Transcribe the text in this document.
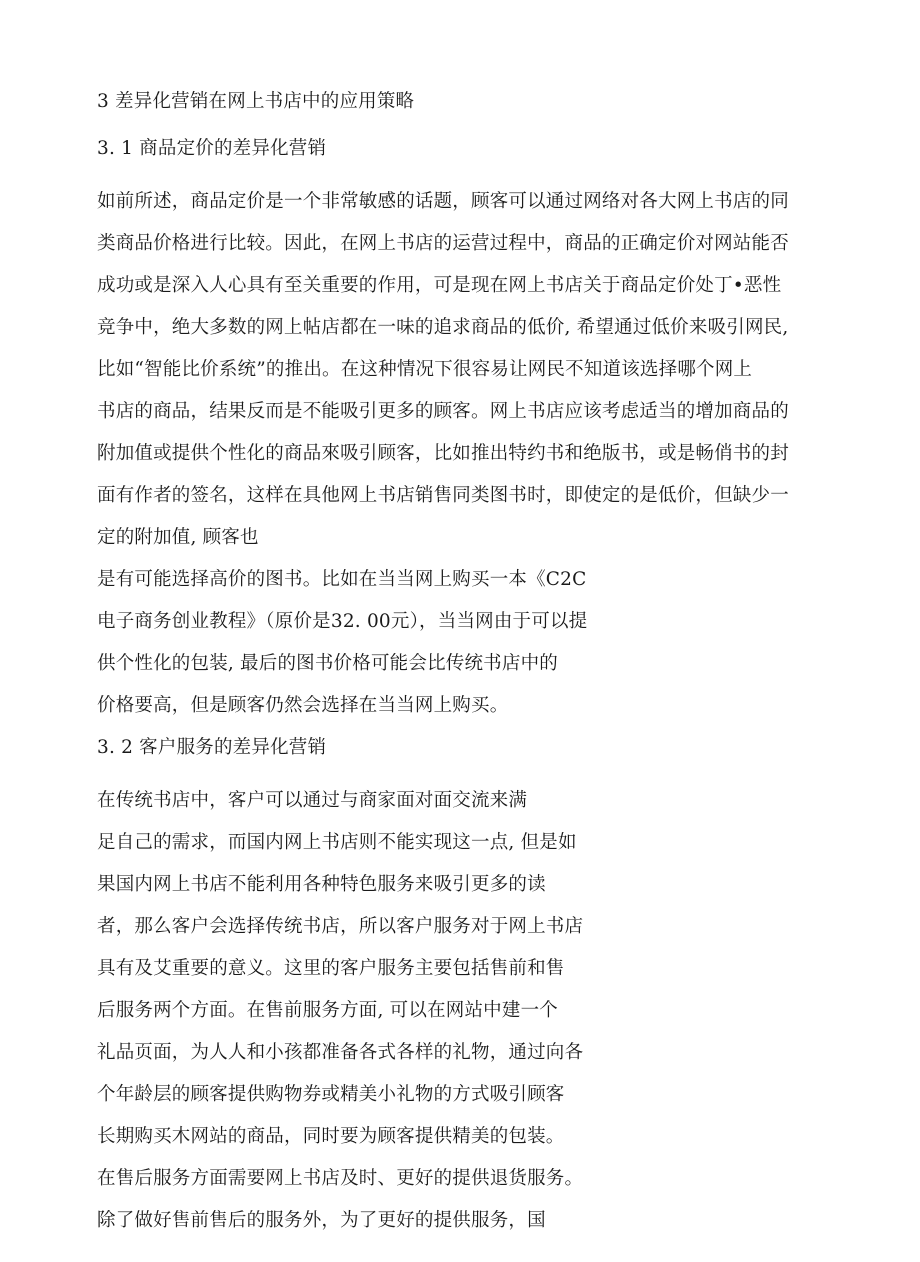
3 差异化营销在网上书店中的应用策略
3. 1 商品定价的差异化营销
如前所述，商品定价是一个非常敏感的话题，顾客可以通过网络对各大网上书店的同
类商品价格进行比较。因此，在网上书店的运营过程中，商品的正确定价对网站能否
成功或是深入人心具有至关重要的作用，可是现在网上书店关于商品定价处丁•恶性
竞争中，绝大多数的网上帖店都在一味的追求商品的低价, 希望通过低价来吸引网民,
比如“智能比价系统”的推出。在这种情况下很容易让网民不知道该选择哪个网上
书店的商品，结果反而是不能吸引更多的顾客。网上书店应该考虑适当的增加商品的
附加值或提供个性化的商品來吸引顾客，比如推出特约书和绝版书，或是畅俏书的封
面有作者的签名，这样在具他网上书店销售同类图书时，即使定的是低价，但缺少一
定的附加值, 顾客也
是有可能选择高价的图书。比如在当当网上购买一本《C2C
电子商务创业教程》（原价是32. 00元），当当网由于可以提
供个性化的包装, 最后的图书价格可能会比传统书店中的
价格要高，但是顾客仍然会选择在当当网上购买。
3. 2 客户服务的差异化营销
在传统书店中，客户可以通过与商家面对面交流来满
足自己的需求，而国内网上书店则不能实现这一点, 但是如
果国内网上书店不能利用各种特色服务来吸引更多的读
者，那么客户会选择传统书店，所以客户服务对于网上书店
具有及艾重要的意义。这里的客户服务主要包括售前和售
后服务两个方面。在售前服务方面, 可以在网站中建一个
礼品页面，为人人和小孩都准备各式各样的礼物，通过向各
个年龄层的顾客提供购物券或精美小礼物的方式吸引顾客
长期购买木网站的商品，同时要为顾客提供精美的包装。
在售后服务方面需要网上书店及时、更好的提供退货服务。
除了做好售前售后的服务外，为了更好的提供服务，国
